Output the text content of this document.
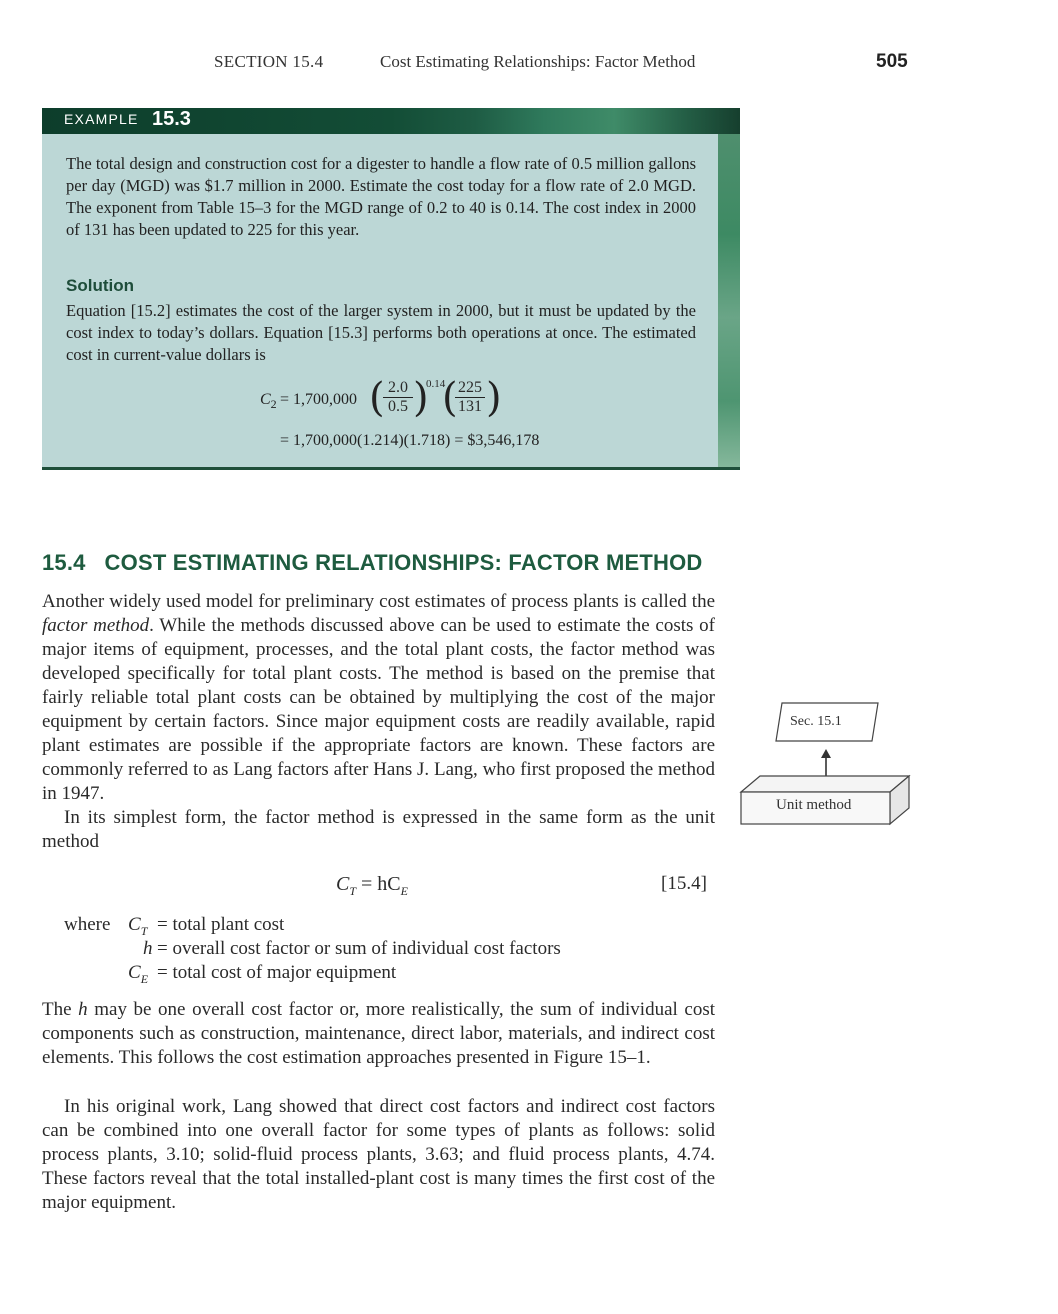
SECTION 15.4	Cost Estimating Relationships: Factor Method	505
EXAMPLE 15.3
The total design and construction cost for a digester to handle a flow rate of 0.5 million gallons per day (MGD) was $1.7 million in 2000. Estimate the cost today for a flow rate of 2.0 MGD. The exponent from Table 15–3 for the MGD range of 0.2 to 40 is 0.14. The cost index in 2000 of 131 has been updated to 225 for this year.
Solution
Equation [15.2] estimates the cost of the larger system in 2000, but it must be updated by the cost index to today’s dollars. Equation [15.3] performs both operations at once. The estimated cost in current-value dollars is
$C_2 = 1,700,000$ (
$\frac{2.0}{0.5}$ )
0.14
(
$\frac{225}{131}$ )
= 1,700,000(1.214)(1.718) = $3,546,178
15.4   COST ESTIMATING RELATIONSHIPS: FACTOR METHOD
Another widely used model for preliminary cost estimates of process plants is called the factor method. While the methods discussed above can be used to estimate the costs of major items of equipment, processes, and the total plant costs, the factor method was developed specifically for total plant costs. The method is based on the premise that fairly reliable total plant costs can be obtained by multiplying the cost of the major equipment by certain factors. Since major equipment costs are readily available, rapid plant estimates are possible if the appropriate factors are known. These factors are commonly referred to as Lang factors after Hans J. Lang, who first proposed the method in 1947.
In its simplest form, the factor method is expressed in the same form as the unit method
Sec. 15.1
Unit method
$C_T = hC_E$	[15.4]
where $C_T$ = total plant cost
h = overall cost factor or sum of individual cost factors
$C_E$ = total cost of major equipment
The h may be one overall cost factor or, more realistically, the sum of individual cost components such as construction, maintenance, direct labor, materials, and indirect cost elements. This follows the cost estimation approaches presented in Figure 15–1.
In his original work, Lang showed that direct cost factors and indirect cost factors can be combined into one overall factor for some types of plants as follows: solid process plants, 3.10; solid-fluid process plants, 3.63; and fluid process plants, 4.74. These factors reveal that the total installed-plant cost is many times the first cost of the major equipment.
